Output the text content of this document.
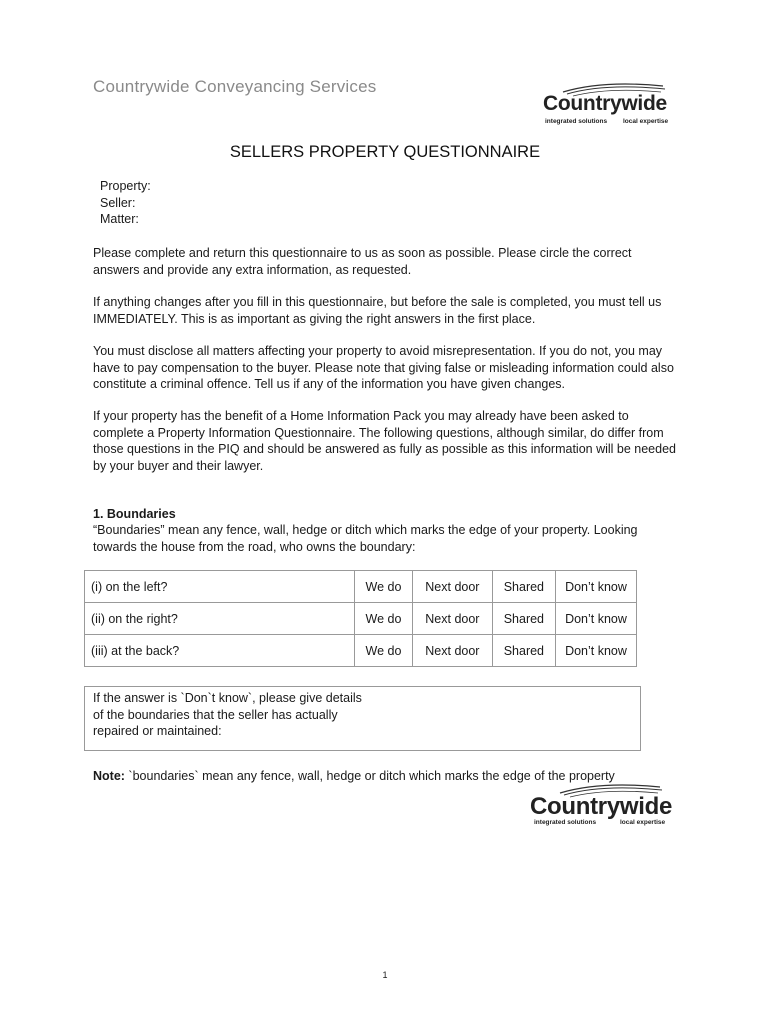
Countrywide Conveyancing Services
Countrywide
integrated solutions local expertise
SELLERS PROPERTY QUESTIONNAIRE
Property:
Seller:
Matter:
Please complete and return this questionnaire to us as soon as possible. Please circle the correct answers and provide any extra information, as requested.
If anything changes after you fill in this questionnaire, but before the sale is completed, you must tell us IMMEDIATELY. This is as important as giving the right answers in the first place.
You must disclose all matters affecting your property to avoid misrepresentation. If you do not, you may have to pay compensation to the buyer. Please note that giving false or misleading information could also constitute a criminal offence. Tell us if any of the information you have given changes.
If your property has the benefit of a Home Information Pack you may already have been asked to complete a Property Information Questionnaire. The following questions, although similar, do differ from those questions in the PIQ and should be answered as fully as possible as this information will be needed by your buyer and their lawyer.
1. Boundaries
“Boundaries” mean any fence, wall, hedge or ditch which marks the edge of your property. Looking towards the house from the road, who owns the boundary:
(i) on the left?	We do	Next door	Shared	Don’t know
(ii) on the right?	We do	Next door	Shared	Don’t know
(iii) at the back?	We do	Next door	Shared	Don’t know
If the answer is `Don`t know`, please give details of the boundaries that the seller has actually repaired or maintained:
Note: `boundaries` mean any fence, wall, hedge or ditch which marks the edge of the property
Countrywide
integrated solutions	local expertise
1
